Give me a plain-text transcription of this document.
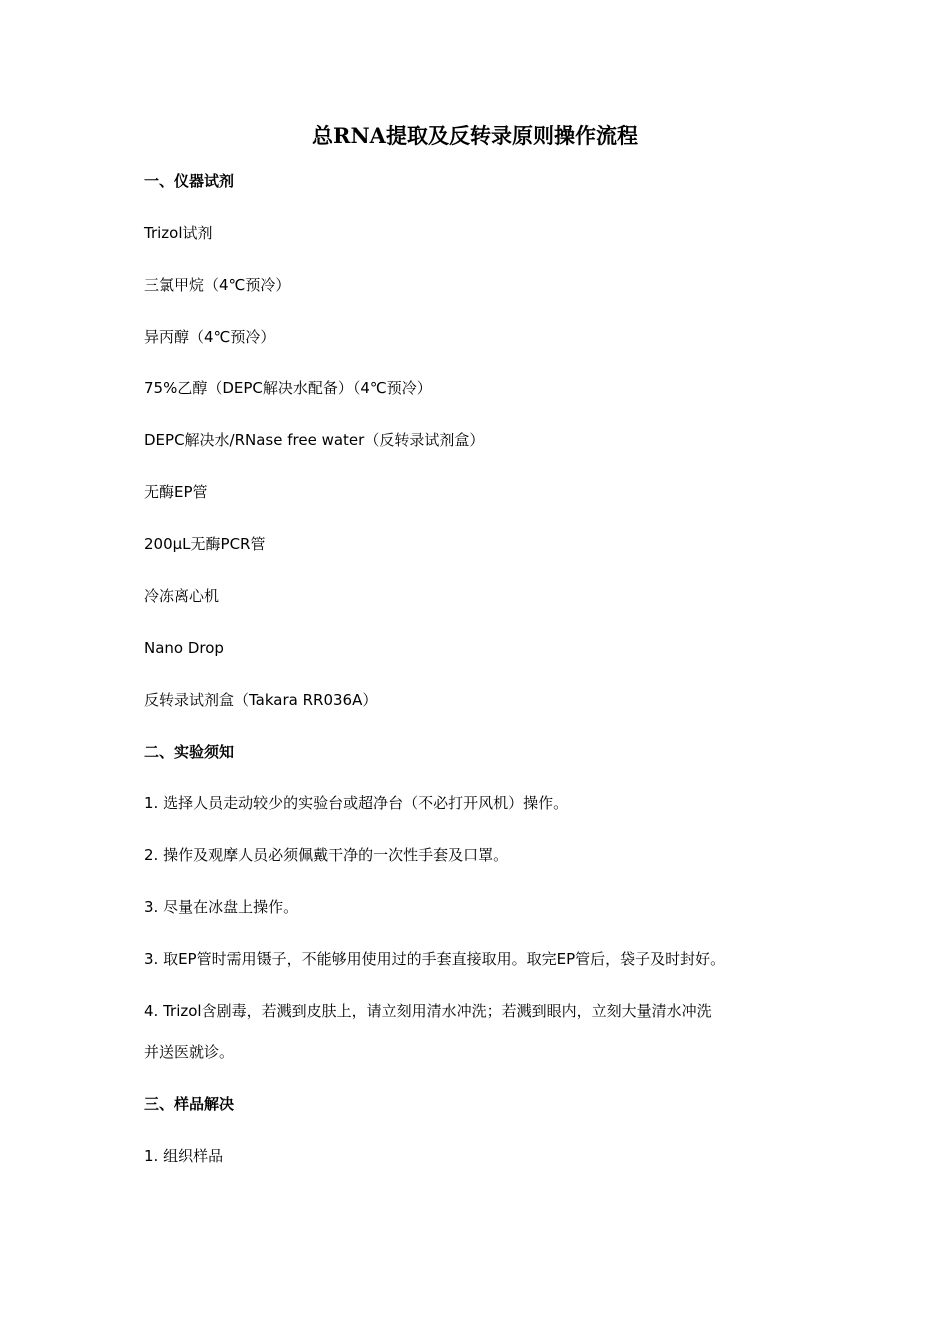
总RNA提取及反转录原则操作流程
一、仪器试剂
Trizol试剂
三氯甲烷（4℃预冷）
异丙醇（4℃预冷）
75%乙醇（DEPC解决水配备）（4℃预冷）
DEPC解决水/RNase free water（反转录试剂盒）
无酶EP管
200μL无酶PCR管
冷冻离心机
Nano Drop
反转录试剂盒（Takara RR036A）
二、实验须知
1. 选择人员走动较少的实验台或超净台（不必打开风机）操作。
2. 操作及观摩人员必须佩戴干净的一次性手套及口罩。
3. 尽量在冰盘上操作。
3. 取EP管时需用镊子，不能够用使用过的手套直接取用。取完EP管后，袋子及时封好。
4. Trizol含剧毒，若溅到皮肤上，请立刻用清水冲洗；若溅到眼内，立刻大量清水冲洗
并送医就诊。
三、样品解决
1. 组织样品
